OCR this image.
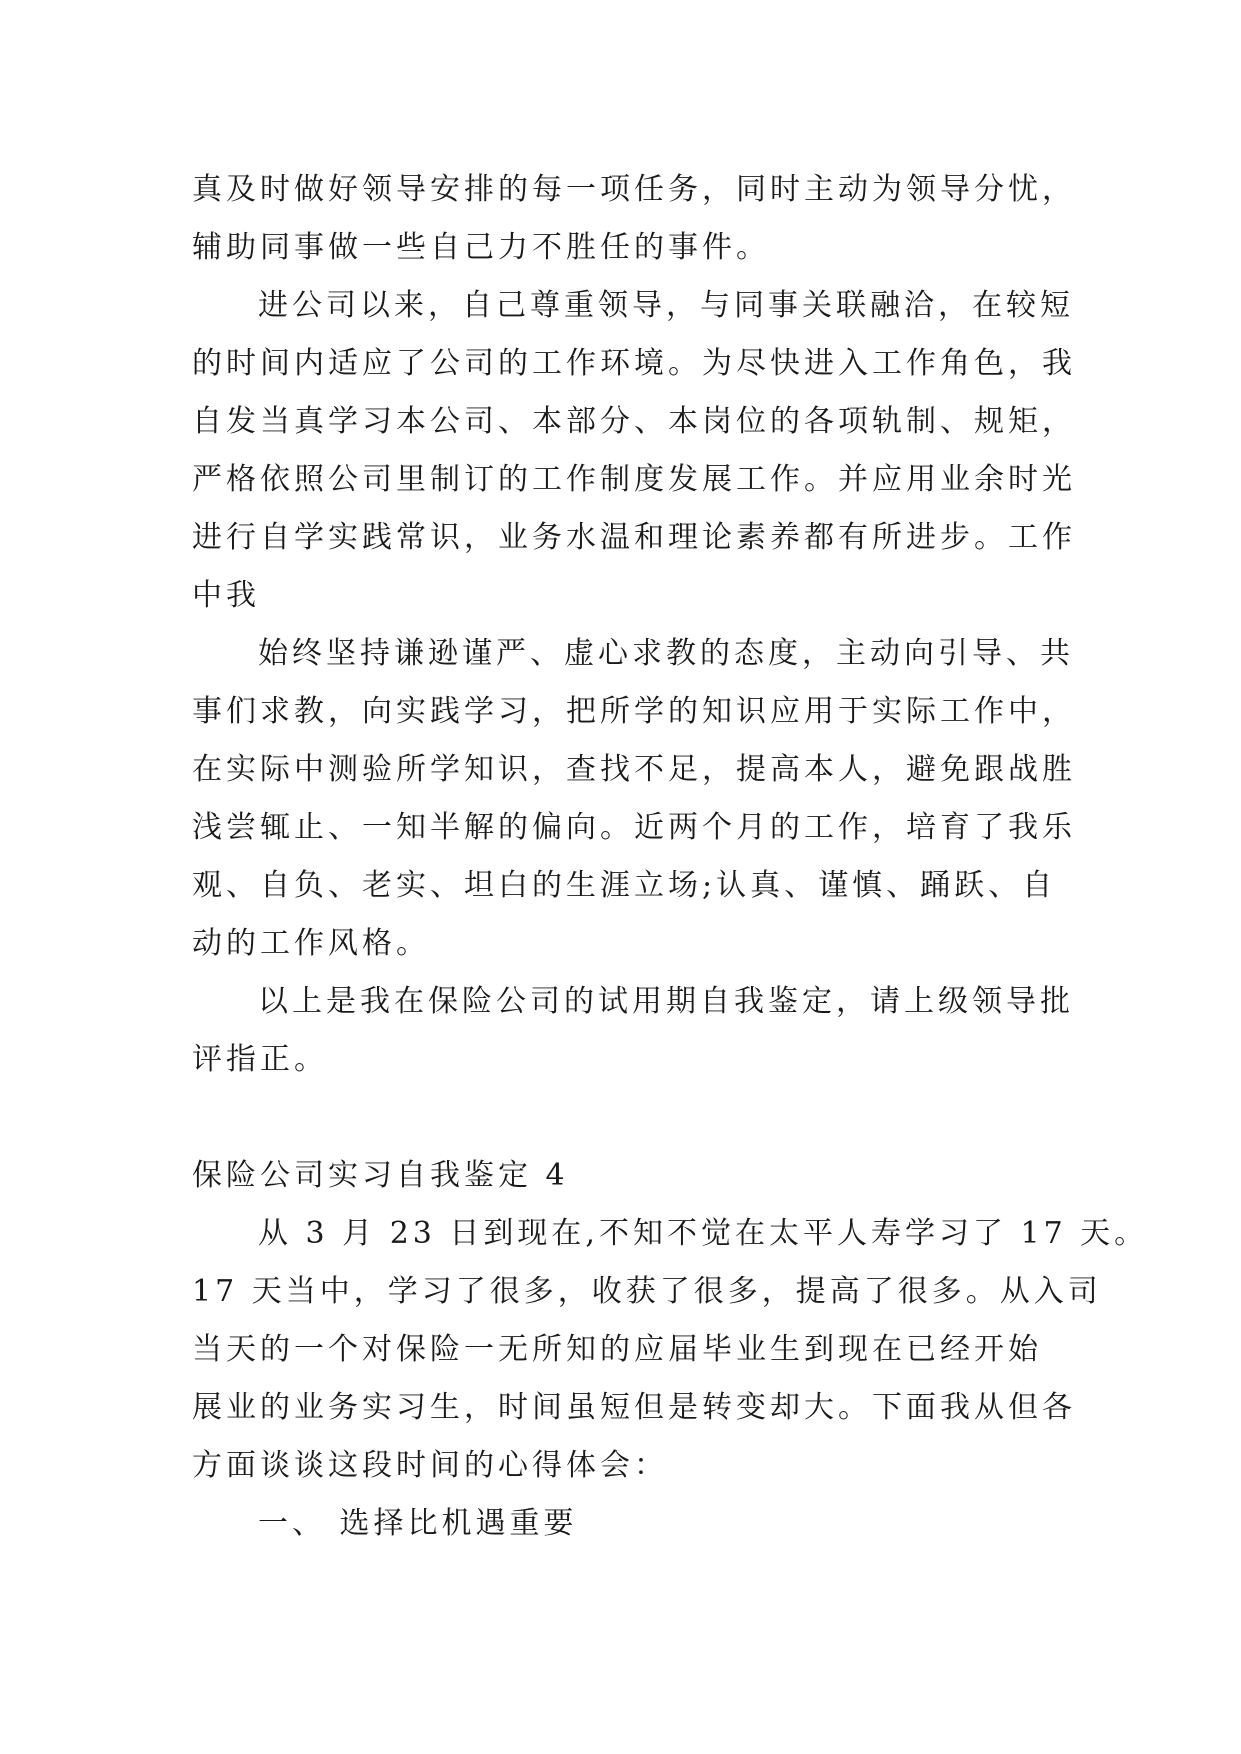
真及时做好领导安排的每一项任务，同时主动为领导分忧，
辅助同事做一些自己力不胜任的事件。
进公司以来，自己尊重领导，与同事关联融洽，在较短
的时间内适应了公司的工作环境。为尽快进入工作角色，我
自发当真学习本公司、本部分、本岗位的各项轨制、规矩，
严格依照公司里制订的工作制度发展工作。并应用业余时光
进行自学实践常识，业务水温和理论素养都有所进步。工作
中我
始终坚持谦逊谨严、虚心求教的态度，主动向引导、共
事们求教，向实践学习，把所学的知识应用于实际工作中，
在实际中测验所学知识，查找不足，提高本人，避免跟战胜
浅尝辄止、一知半解的偏向。近两个月的工作，培育了我乐
观、自负、老实、坦白的生涯立场;认真、谨慎、踊跃、自
动的工作风格。
以上是我在保险公司的试用期自我鉴定，请上级领导批
评指正。
保险公司实习自我鉴定 4
从 3 月 23 日到现在,不知不觉在太平人寿学习了 17 天。
17 天当中，学习了很多，收获了很多，提高了很多。从入司
当天的一个对保险一无所知的应届毕业生到现在已经开始
展业的业务实习生，时间虽短但是转变却大。下面我从但各
方面谈谈这段时间的心得体会：
一、 选择比机遇重要
